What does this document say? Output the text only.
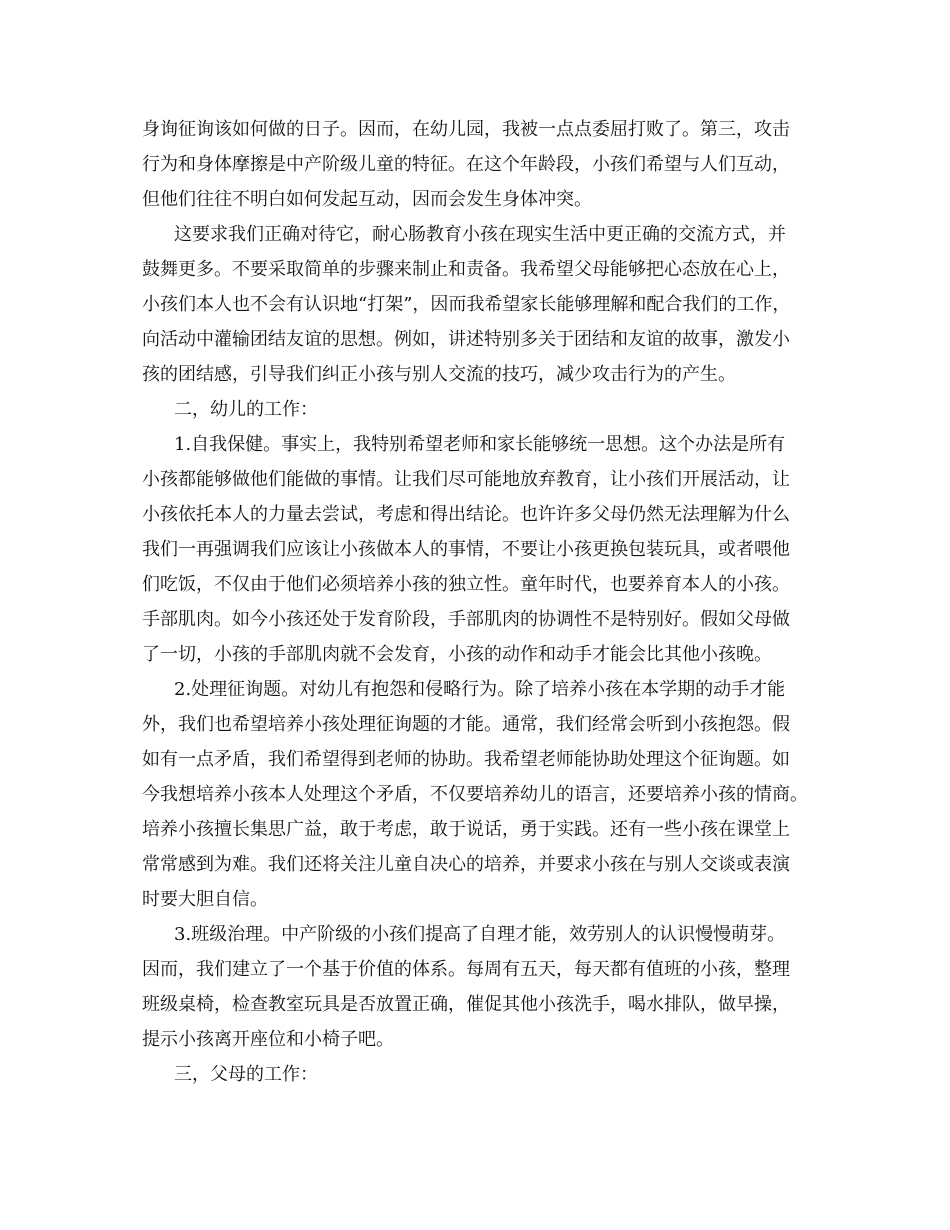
身询征询该如何做的日子。因而，在幼儿园，我被一点点委屈打败了。第三，攻击
行为和身体摩擦是中产阶级儿童的特征。在这个年龄段，小孩们希望与人们互动，
但他们往往不明白如何发起互动，因而会发生身体冲突。
这要求我们正确对待它，耐心肠教育小孩在现实生活中更正确的交流方式，并
鼓舞更多。不要采取简单的步骤来制止和责备。我希望父母能够把心态放在心上，
小孩们本人也不会有认识地“打架”，因而我希望家长能够理解和配合我们的工作，
向活动中灌输团结友谊的思想。例如，讲述特别多关于团结和友谊的故事，激发小
孩的团结感，引导我们纠正小孩与别人交流的技巧，减少攻击行为的产生。
二，幼儿的工作：
1.自我保健。事实上，我特别希望老师和家长能够统一思想。这个办法是所有
小孩都能够做他们能做的事情。让我们尽可能地放弃教育，让小孩们开展活动，让
小孩依托本人的力量去尝试，考虑和得出结论。也许许多父母仍然无法理解为什么
我们一再强调我们应该让小孩做本人的事情，不要让小孩更换包装玩具，或者喂他
们吃饭，不仅由于他们必须培养小孩的独立性。童年时代，也要养育本人的小孩。
手部肌肉。如今小孩还处于发育阶段，手部肌肉的协调性不是特别好。假如父母做
了一切，小孩的手部肌肉就不会发育，小孩的动作和动手才能会比其他小孩晚。
2.处理征询题。对幼儿有抱怨和侵略行为。除了培养小孩在本学期的动手才能
外，我们也希望培养小孩处理征询题的才能。通常，我们经常会听到小孩抱怨。假
如有一点矛盾，我们希望得到老师的协助。我希望老师能协助处理这个征询题。如
今我想培养小孩本人处理这个矛盾，不仅要培养幼儿的语言，还要培养小孩的情商。
培养小孩擅长集思广益，敢于考虑，敢于说话，勇于实践。还有一些小孩在课堂上
常常感到为难。我们还将关注儿童自决心的培养，并要求小孩在与别人交谈或表演
时要大胆自信。
3.班级治理。中产阶级的小孩们提高了自理才能，效劳别人的认识慢慢萌芽。
因而，我们建立了一个基于价值的体系。每周有五天，每天都有值班的小孩，整理
班级桌椅，检查教室玩具是否放置正确，催促其他小孩洗手，喝水排队，做早操，
提示小孩离开座位和小椅子吧。
三，父母的工作：
